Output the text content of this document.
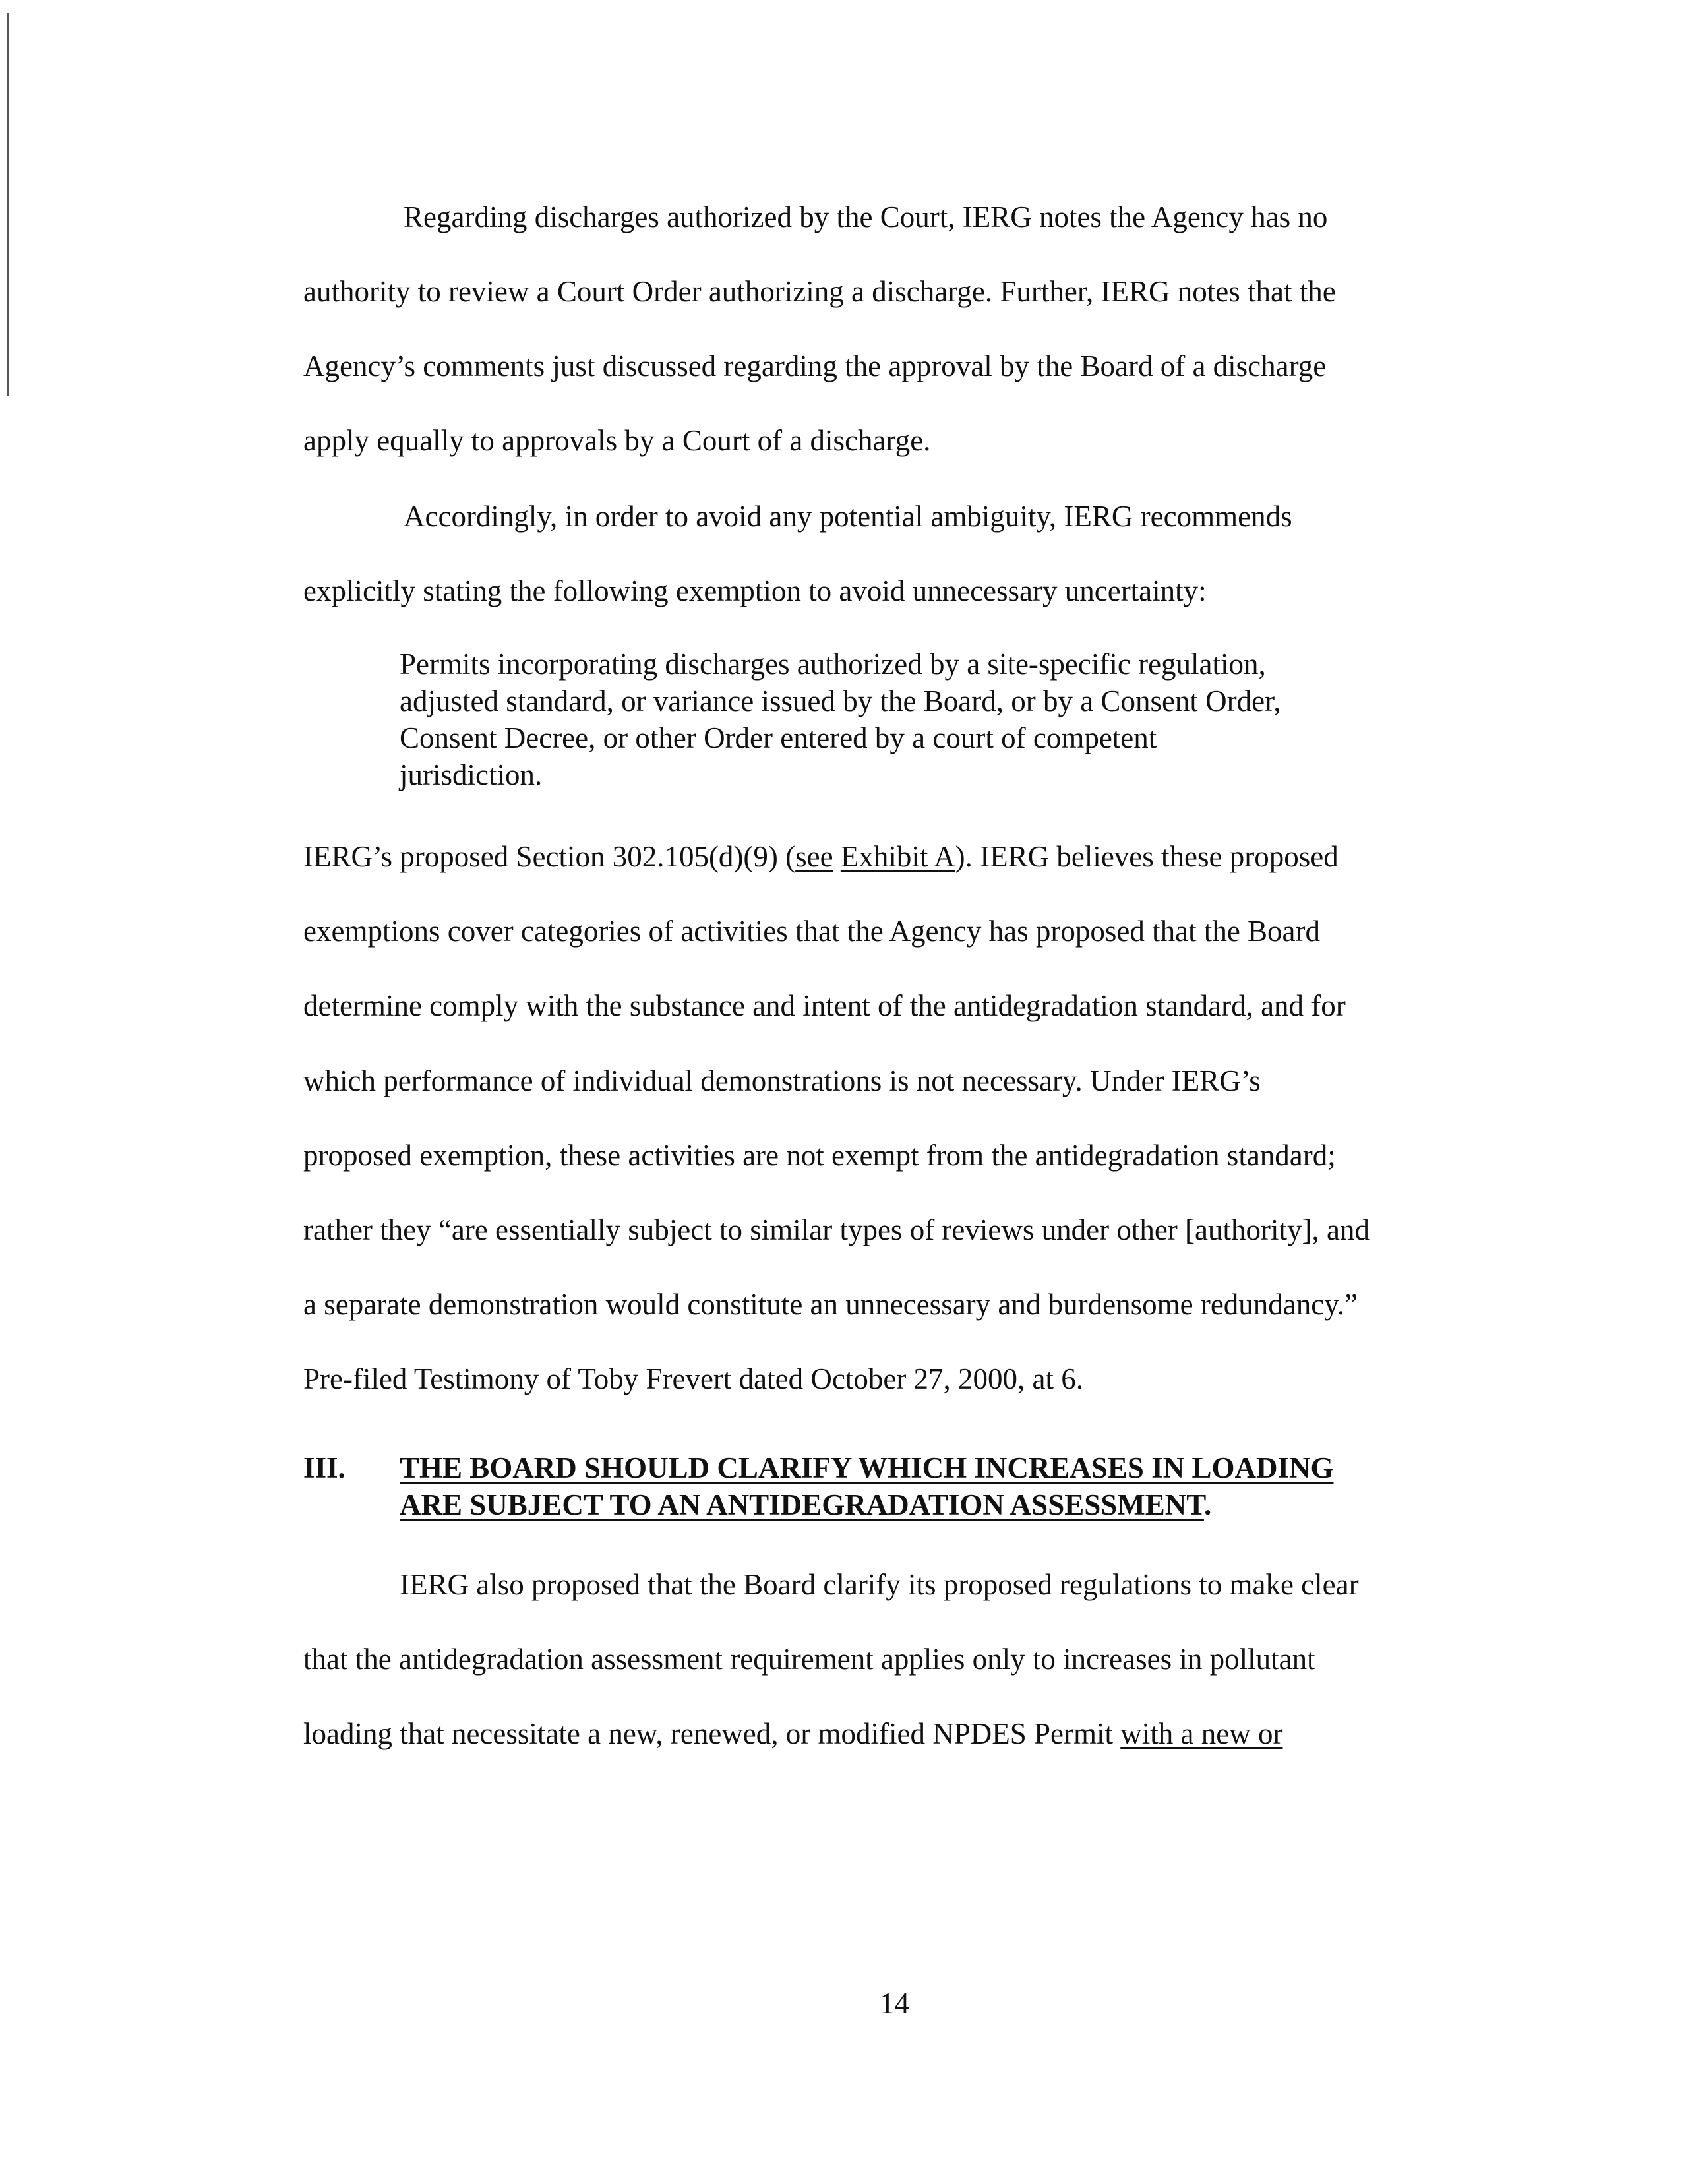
Regarding discharges authorized by the Court, IERG notes the Agency has no

authority to review a Court Order authorizing a discharge. Further, IERG notes that the

Agency’s comments just discussed regarding the approval by the Board of a discharge

apply equally to approvals by a Court of a discharge.

Accordingly, in order to avoid any potential ambiguity, IERG recommends

explicitly stating the following exemption to avoid unnecessary uncertainty:

Permits incorporating discharges authorized by a site-specific regulation,

adjusted standard, or variance issued by the Board, or by a Consent Order,

Consent Decree, or other Order entered by a court of competent

jurisdiction.

IERG’s proposed Section 302.105(d)(9) (see Exhibit A). IERG believes these proposed

exemptions cover categories of activities that the Agency has proposed that the Board

determine comply with the substance and intent of the antidegradation standard, and for

which performance of individual demonstrations is not necessary. Under IERG’s

proposed exemption, these activities are not exempt from the antidegradation standard;

rather they “are essentially subject to similar types of reviews under other [authority], and

a separate demonstration would constitute an unnecessary and burdensome redundancy.”

Pre-filed Testimony of Toby Frevert dated October 27, 2000, at 6.

III. THE BOARD SHOULD CLARIFY WHICH INCREASES IN LOADING

ARE SUBJECT TO AN ANTIDEGRADATION ASSESSMENT.

IERG also proposed that the Board clarify its proposed regulations to make clear

that the antidegradation assessment requirement applies only to increases in pollutant

loading that necessitate a new, renewed, or modified NPDES Permit with a new or

14
